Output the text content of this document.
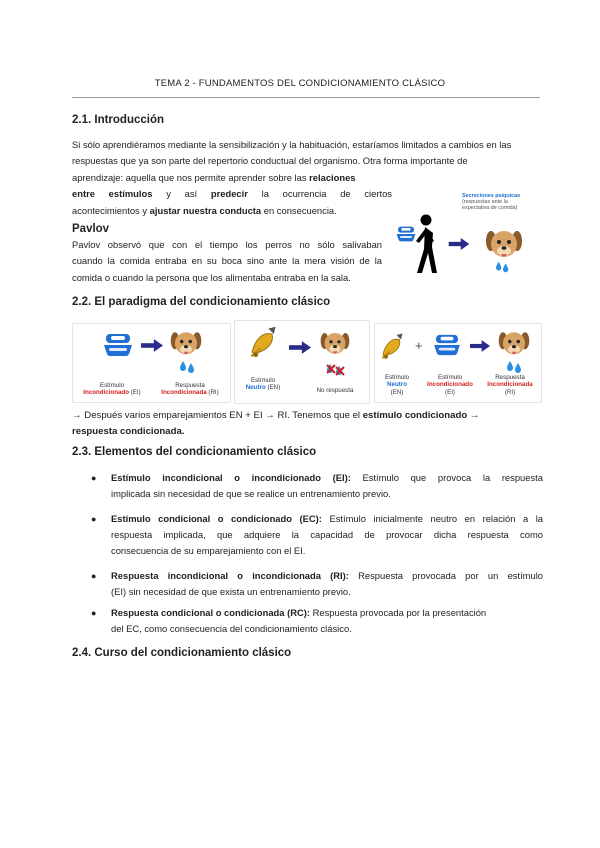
TEMA 2 - FUNDAMENTOS DEL CONDICIONAMIENTO CLÁSICO
2.1. Introducción

Si sólo aprendiéramos mediante la sensibilización y la habituación, estaríamos limitados a cambios en las

respuestas que ya son parte del repertorio conductual del organismo. Otra forma importante de

aprendizaje: aquella que nos permite aprender sobre las relaciones

entre estímulos y así predecir la ocurrencia de ciertos

acontecimientos y ajustar nuestra conducta en consecuencia.

Pavlov

Pavlov observó que con el tiempo los perros no sólo salivaban

cuando la comida entraba en su boca sino ante la mera visión de la

comida o cuando la persona que los alimentaba entraba en la sala.

Secreciones psíquicas
(respuestas ante la
expectativa de comida)
2.2. El paradigma del condicionamiento clásico
Estímulo
Incondicionado (EI)
Respuesta
Incondicionada (RI)
Estímulo
Neutro (EN)	No respuesta
+
Estímulo
Neutro
(EN)
Estímulo
Incondicionado
(EI)
Respuesta
Incondicionada
(RI)

→ Después varios emparejamientos EN + EI → RI. Tenemos que el estímulo condicionado →

respuesta condicionada.

2.3. Elementos del condicionamiento clásico
● Estímulo incondicional o incondicionado (EI): Estímulo que provoca la respuesta

implicada sin necesidad de que se realice un entrenamiento previo.

● Estímulo condicional o condicionado (EC): Estímulo inicialmente neutro en relación a la

respuesta implicada, que adquiere la capacidad de provocar dicha respuesta como

consecuencia de su emparejamiento con el EI.

● Respuesta incondicional o incondicionada (RI): Respuesta provocada por un estímulo

(EI) sin necesidad de que exista un entrenamiento previo.

● Respuesta condicional o condicionada (RC): Respuesta provocada por la presentación

del EC, como consecuencia del condicionamiento clásico.

2.4. Curso del condicionamiento clásico
